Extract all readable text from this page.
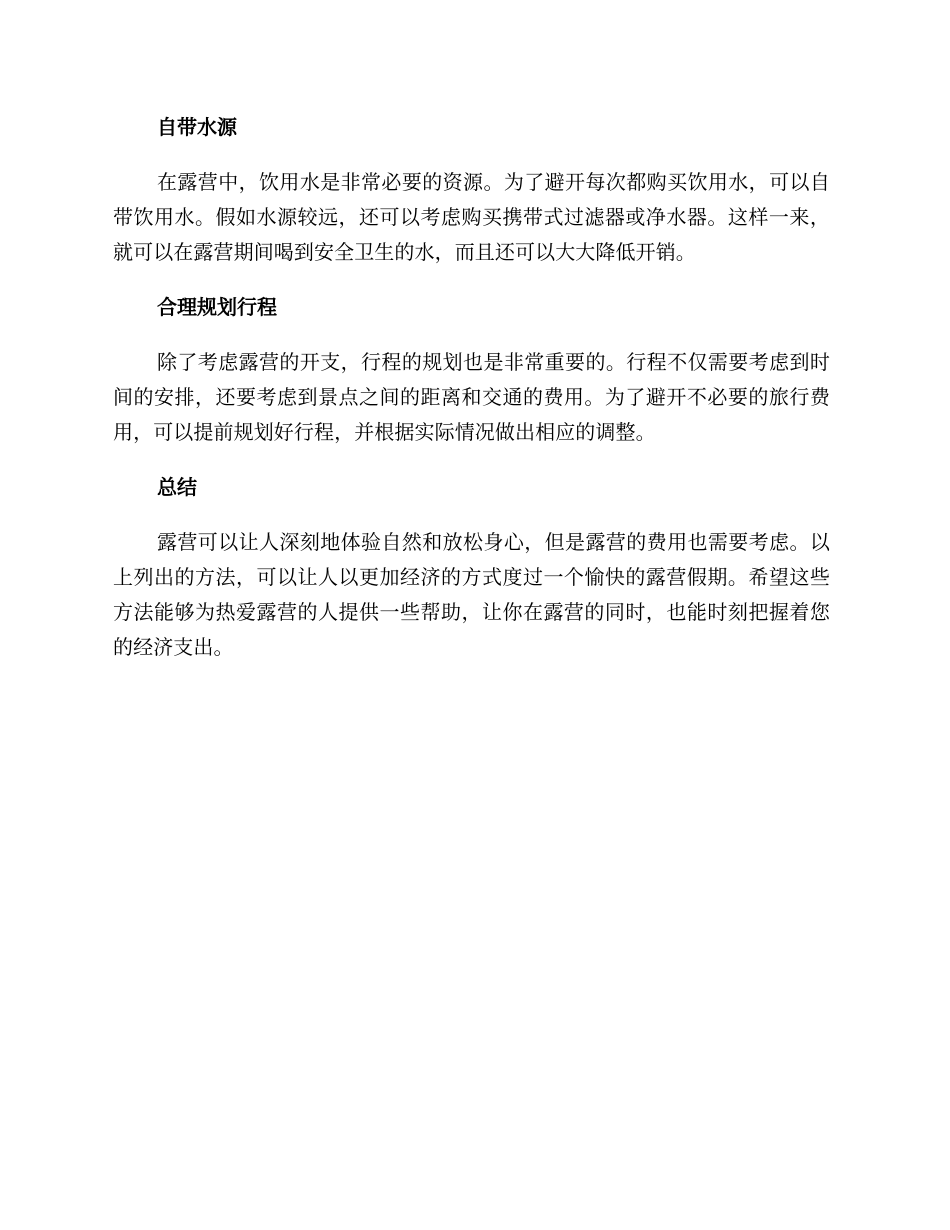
自带水源

在露营中，饮用水是非常必要的资源。为了避开每次都购买饮用水，可以自带饮用水。假如水源较远，还可以考虑购买携带式过滤器或净水器。这样一来，就可以在露营期间喝到安全卫生的水，而且还可以大大降低开销。

合理规划行程

除了考虑露营的开支，行程的规划也是非常重要的。行程不仅需要考虑到时间的安排，还要考虑到景点之间的距离和交通的费用。为了避开不必要的旅行费用，可以提前规划好行程，并根据实际情况做出相应的调整。

总结

露营可以让人深刻地体验自然和放松身心，但是露营的费用也需要考虑。以上列出的方法，可以让人以更加经济的方式度过一个愉快的露营假期。希望这些方法能够为热爱露营的人提供一些帮助，让你在露营的同时，也能时刻把握着您的经济支出。
